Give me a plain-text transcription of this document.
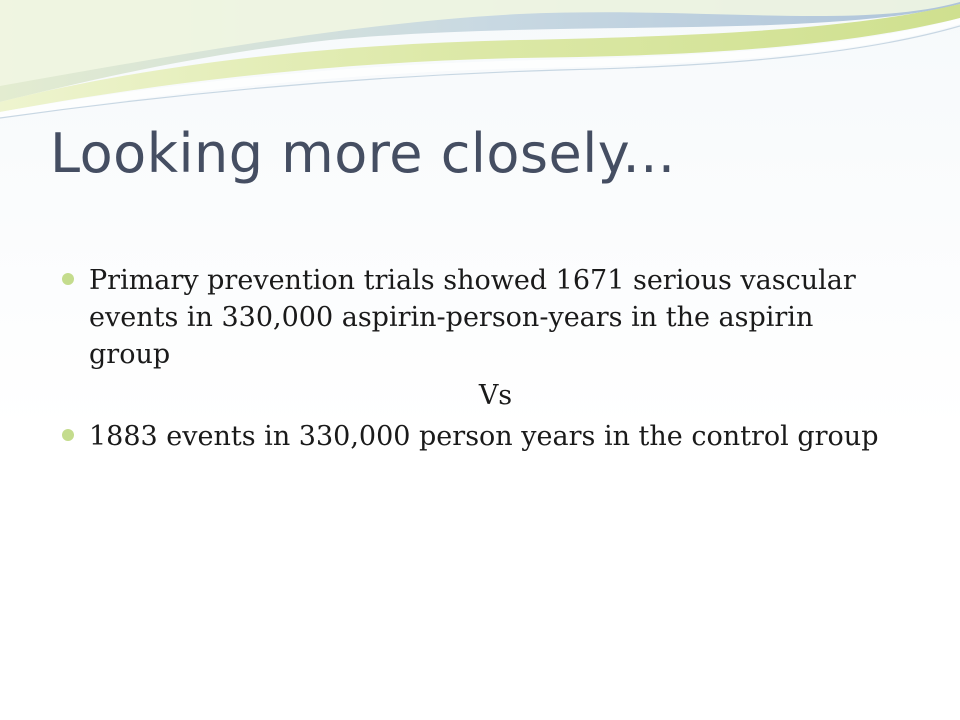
Looking more closely...
Primary prevention trials showed 1671 serious vascular events in 330,000 aspirin-person-years in the aspirin group
Vs
1883 events in 330,000 person years in the control group
